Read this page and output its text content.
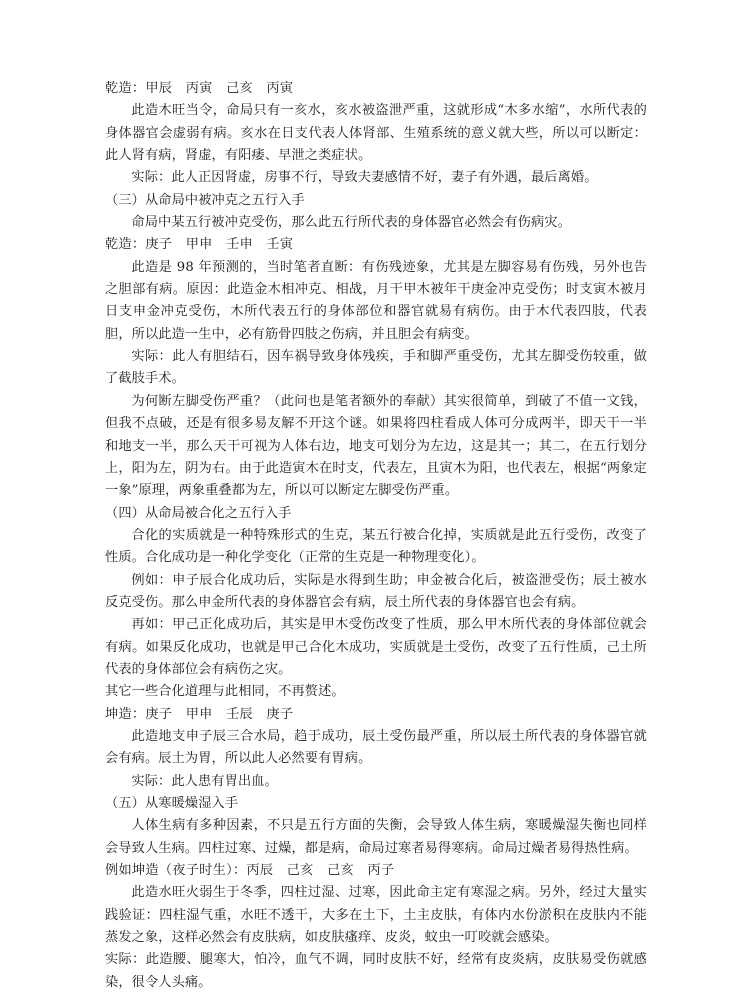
乾造：甲辰　丙寅　己亥　丙寅

此造木旺当令，命局只有一亥水，亥水被盗泄严重，这就形成“木多水缩”，水所代表的身体器官会虚弱有病。亥水在日支代表人体肾部、生殖系统的意义就大些，所以可以断定：此人肾有病，肾虚，有阳痿、早泄之类症状。

实际：此人正因肾虚，房事不行，导致夫妻感情不好，妻子有外遇，最后离婚。

（三）从命局中被冲克之五行入手

命局中某五行被冲克受伤，那么此五行所代表的身体器官必然会有伤病灾。

乾造：庚子　甲申　壬申　壬寅

此造是 98 年预测的，当时笔者直断：有伤残迹象，尤其是左脚容易有伤残，另外也告之胆部有病。原因：此造金木相冲克、相战，月干甲木被年干庚金冲克受伤；时支寅木被月日支申金冲克受伤，木所代表五行的身体部位和器官就易有病伤。由于木代表四肢，代表胆，所以此造一生中，必有筋骨四肢之伤病，并且胆会有病变。

实际：此人有胆结石，因车祸导致身体残疾，手和脚严重受伤，尤其左脚受伤较重，做了截肢手术。

为何断左脚受伤严重？（此问也是笔者额外的奉献）其实很简单，到破了不值一文钱，但我不点破，还是有很多易友解不开这个谜。如果将四柱看成人体可分成两半，即天干一半和地支一半，那么天干可视为人体右边，地支可划分为左边，这是其一；其二，在五行划分上，阳为左，阴为右。由于此造寅木在时支，代表左，且寅木为阳，也代表左，根据“两象定一象”原理，两象重叠都为左，所以可以断定左脚受伤严重。

（四）从命局被合化之五行入手

合化的实质就是一种特殊形式的生克，某五行被合化掉，实质就是此五行受伤，改变了性质。合化成功是一种化学变化（正常的生克是一种物理变化）。

例如：申子辰合化成功后，实际是水得到生助；申金被合化后，被盗泄受伤；辰土被水反克受伤。那么申金所代表的身体器官会有病，辰土所代表的身体器官也会有病。

再如：甲己正化成功后，其实是甲木受伤改变了性质，那么甲木所代表的身体部位就会有病。如果反化成功，也就是甲己合化木成功，实质就是土受伤，改变了五行性质，己土所代表的身体部位会有病伤之灾。

其它一些合化道理与此相同，不再赘述。

坤造：庚子　甲申　壬辰　庚子

此造地支申子辰三合水局，趋于成功，辰土受伤最严重，所以辰土所代表的身体器官就会有病。辰土为胃，所以此人必然要有胃病。

实际：此人患有胃出血。

（五）从寒暖燥湿入手

人体生病有多种因素，不只是五行方面的失衡，会导致人体生病，寒暖燥湿失衡也同样会导致人生病。四柱过寒、过燥，都是病，命局过寒者易得寒病。命局过燥者易得热性病。

例如坤造（夜子时生）：丙辰　己亥　己亥　丙子

此造水旺火弱生于冬季，四柱过湿、过寒，因此命主定有寒湿之病。另外，经过大量实践验证：四柱湿气重，水旺不透干，大多在土下，土主皮肤，有体内水份淤积在皮肤内不能蒸发之象，这样必然会有皮肤病，如皮肤瘙痒、皮炎，蚊虫一叮咬就会感染。

实际：此造腰、腿寒大，怕冷，血气不调，同时皮肤不好，经常有皮炎病，皮肤易受伤就感染，很令人头痛。
